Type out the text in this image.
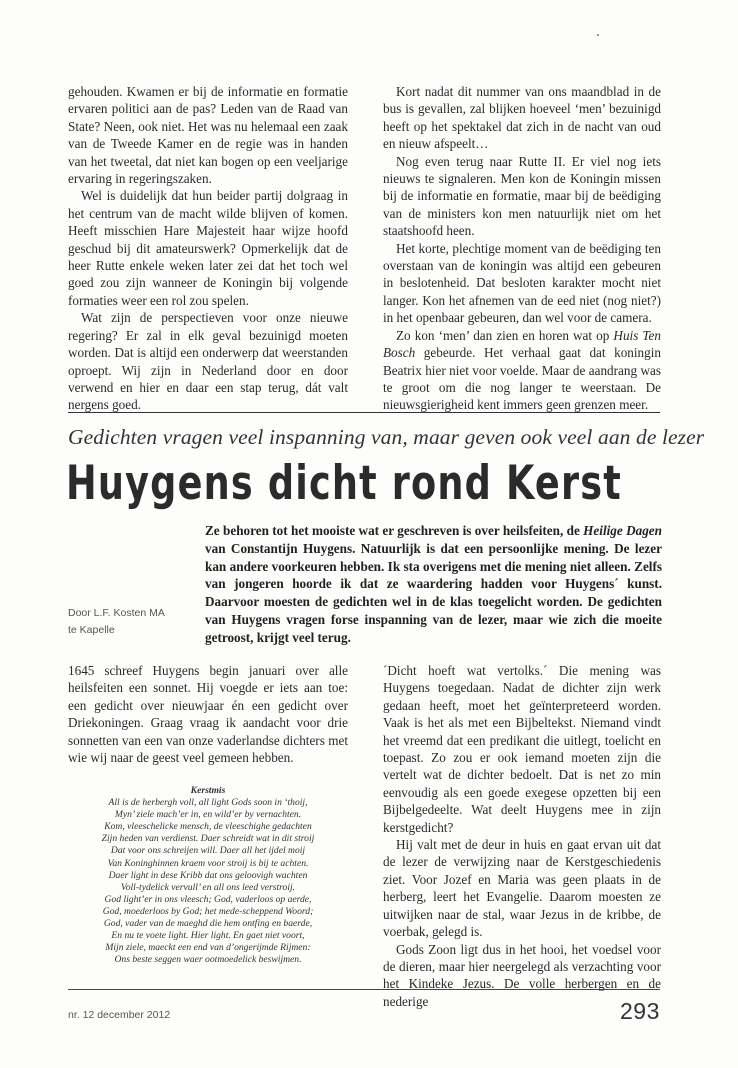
gehouden. Kwamen er bij de informatie en formatie ervaren politici aan de pas? Leden van de Raad van State? Neen, ook niet. Het was nu helemaal een zaak van de Tweede Kamer en de regie was in handen van het tweetal, dat niet kan bogen op een veeljarige ervaring in regeringszaken.

Wel is duidelijk dat hun beider partij dolgraag in het centrum van de macht wilde blijven of komen. Heeft misschien Hare Majesteit haar wijze hoofd geschud bij dit amateurswerk? Opmerkelijk dat de heer Rutte enkele weken later zei dat het toch wel goed zou zijn wanneer de Koningin bij volgende formaties weer een rol zou spelen.

Wat zijn de perspectieven voor onze nieuwe regering? Er zal in elk geval bezuinigd moeten worden. Dat is altijd een onderwerp dat weerstanden oproept. Wij zijn in Nederland door en door verwend en hier en daar een stap terug, dát valt nergens goed.

Kort nadat dit nummer van ons maandblad in de bus is gevallen, zal blijken hoeveel ‘men’ bezuinigd heeft op het spektakel dat zich in de nacht van oud en nieuw afspeelt…

Nog even terug naar Rutte II. Er viel nog iets nieuws te signaleren. Men kon de Koningin missen bij de informatie en formatie, maar bij de beëdiging van de ministers kon men natuurlijk niet om het staatshoofd heen.

Het korte, plechtige moment van de beëdiging ten overstaan van de koningin was altijd een gebeuren in beslotenheid. Dat besloten karakter mocht niet langer. Kon het afnemen van de eed niet (nog niet?) in het openbaar gebeuren, dan wel voor de camera.

Zo kon ‘men’ dan zien en horen wat op Huis Ten Bosch gebeurde. Het verhaal gaat dat koningin Beatrix hier niet voor voelde. Maar de aandrang was te groot om die nog langer te weerstaan. De nieuwsgierigheid kent immers geen grenzen meer.

Gedichten vragen veel inspanning van, maar geven ook veel aan de lezer
Huygens dicht rond Kerst
Ze behoren tot het mooiste wat er geschreven is over heilsfeiten, de Heilige Dagen van Constantijn Huygens. Natuurlijk is dat een persoonlijke mening. De lezer kan andere voorkeuren hebben. Ik sta overigens met die mening niet alleen. Zelfs van jongeren hoorde ik dat ze waardering hadden voor Huygens´ kunst. Daarvoor moesten de gedichten wel in de klas toegelicht worden. De gedichten van Huygens vragen forse inspanning van de lezer, maar wie zich die moeite getroost, krijgt veel terug.
Door L.F. Kosten MA
te Kapelle

1645 schreef Huygens begin januari over alle heilsfeiten een sonnet. Hij voegde er iets aan toe: een gedicht over nieuwjaar én een gedicht over Driekoningen. Graag vraag ik aandacht voor drie sonnetten van een van onze vaderlandse dichters met wie wij naar de geest veel gemeen hebben.

Kerstmis
All is de herbergh voll, all light Gods soon in ‘thoij,
Myn’ ziele mach’er in, en wild’er by vernachten.
Kom, vleeschelicke mensch, de vleeschighe gedachten
Zijn heden van verdienst. Daer schreidt wat in dit stroij
Dat voor ons schreijen will. Daer all het ijdel moij
Van Koninghinnen kraem voor stroij is bij te achten.
Daer light in dese Kribb dat ons geloovigh wachten
Voll-tydelick vervull’ en all ons leed verstroij.
God light’er in ons vleesch; God, vaderloos op aerde,
God, moederloos by God; het mede-scheppend Woord;
God, vader van de maeghd die hem ontfing en baerde,
En nu te voete light. Hier light. En gaet niet voort,
Mijn ziele, maeckt een end van d’ongerijmde Rijmen:
Ons beste seggen waer ootmoedelick beswijmen.

´Dicht hoeft wat vertolks.´ Die mening was Huygens toegedaan. Nadat de dichter zijn werk gedaan heeft, moet het geïnterpreteerd worden. Vaak is het als met een Bijbeltekst. Niemand vindt het vreemd dat een predikant die uitlegt, toelicht en toepast. Zo zou er ook iemand moeten zijn die vertelt wat de dichter bedoelt. Dat is net zo min eenvoudig als een goede exegese opzetten bij een Bijbelgedeelte. Wat deelt Huygens mee in zijn kerstgedicht?

Hij valt met de deur in huis en gaat ervan uit dat de lezer de verwijzing naar de Kerstgeschiedenis ziet. Voor Jozef en Maria was geen plaats in de herberg, leert het Evangelie. Daarom moesten ze uitwijken naar de stal, waar Jezus in de kribbe, de voerbak, gelegd is.

Gods Zoon ligt dus in het hooi, het voedsel voor de dieren, maar hier neergelegd als verzachting voor het Kindeke Jezus. De volle herbergen en de nederige

nr. 12 december 2012	293
